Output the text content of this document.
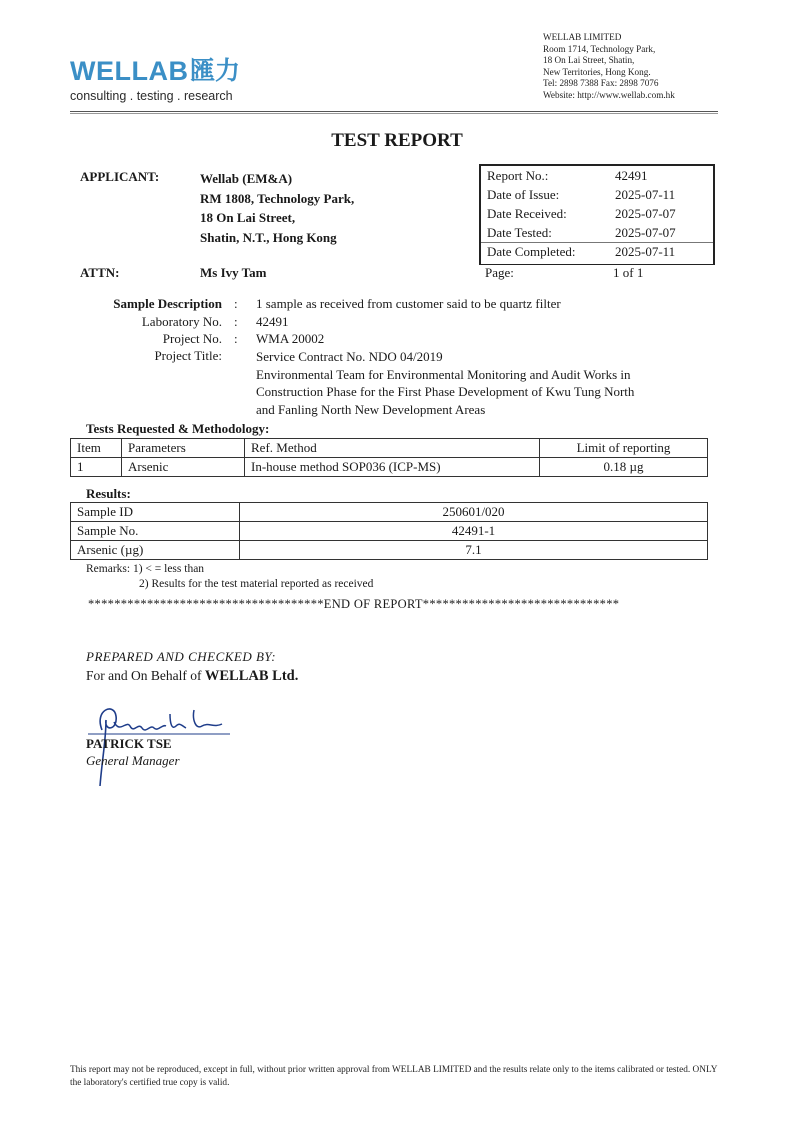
WELLAB 匯力
consulting . testing . research
WELLAB LIMITED
Room 1714, Technology Park,
18 On Lai Street, Shatin,
New Territories, Hong Kong.
Tel: 2898 7388 Fax: 2898 7076
Website: http://www.wellab.com.hk
TEST REPORT
APPLICANT:	Wellab (EM&A)
RM 1808, Technology Park,
18 On Lai Street,
Shatin, N.T., Hong Kong
ATTN:	Ms Ivy Tam
Report No.:	42491
Date of Issue:	2025-07-11
Date Received:	2025-07-07
Date Tested:	2025-07-07
Date Completed:	2025-07-11
Page:	1 of 1
Sample Description : 1 sample as received from customer said to be quartz filter
Laboratory No. : 42491
Project No. : WMA 20002
Project Title:	Service Contract No. NDO 04/2019
Environmental Team for Environmental Monitoring and Audit Works in
Construction Phase for the First Phase Development of Kwu Tung North
and Fanling North New Development Areas
Tests Requested & Methodology:
Item	Parameters	Ref. Method	Limit of reporting
1	Arsenic	In-house method SOP036 (ICP-MS)	0.18 µg
Results:
Sample ID	250601/020
Sample No.	42491-1
Arsenic (µg)	7.1
Remarks: 1) < = less than
2) Results for the test material reported as received
************************************END OF REPORT******************************
PREPARED AND CHECKED BY:
For and On Behalf of WELLAB Ltd.
PATRICK TSE
General Manager
This report may not be reproduced, except in full, without prior written approval from WELLAB LIMITED and the results relate only to the items calibrated or tested. ONLY the laboratory's certified true copy is valid.
